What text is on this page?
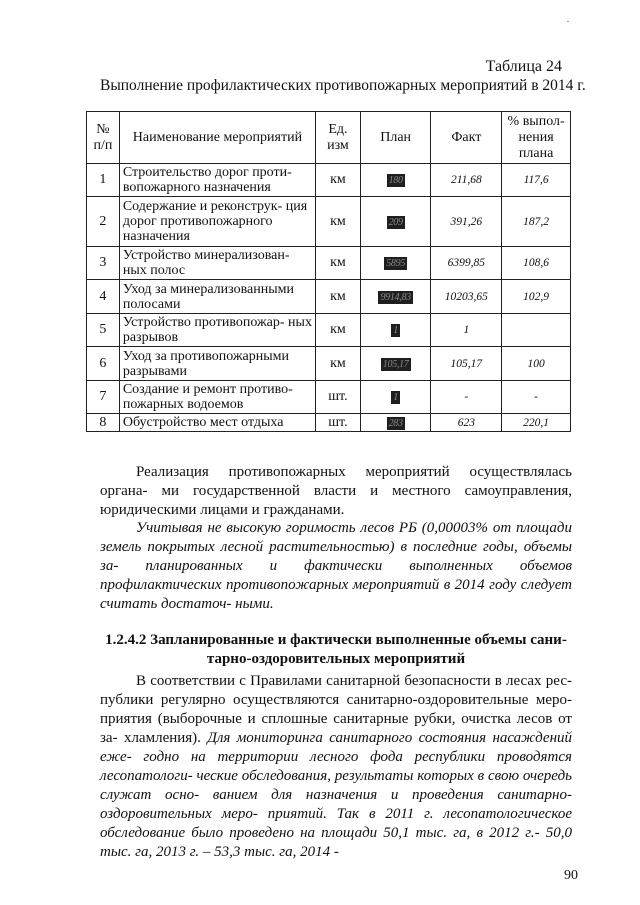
·
Таблица 24
Выполнение профилактических противопожарных мероприятий в 2014 г.
№ п/п	Наименование мероприятий	Ед. изм	План	Факт	% выпол- нения плана
1	Строительство дорог проти- вопожарного назначения	км	180	211,68	117,6
2	Содержание и реконструк- ция дорог противопожарного назначения	км	209	391,26	187,2
3	Устройство минерализован- ных полос	км	5895	6399,85	108,6
4	Уход за минерализованными полосами	км	9914,83	10203,65	102,9
5	Устройство противопожар- ных разрывов	км	1	1	
6	Уход за противопожарными разрывами	км	105,17	105,17	100
7	Создание и ремонт противо- пожарных водоемов	шт.	1	-	-
8	Обустройство мест отдыха	шт.	283	623	220,1

Реализация противопожарных мероприятий осуществлялась органа- ми государственной власти и местного самоуправления, юридическими лицами и гражданами.

Учитывая не высокую горимость лесов РБ (0,00003% от площади земель покрытых лесной растительностью) в последние годы, объемы за- планированных и фактически выполненных объемов профилактических противопожарных мероприятий в 2014 году следует считать достаточ- ными.

1.2.4.2 Запланированные и фактически выполненные объемы сани- тарно-оздоровительных мероприятий

В соответствии с Правилами санитарной безопасности в лесах рес- публики регулярно осуществляются санитарно-оздоровительные меро- приятия (выборочные и сплошные санитарные рубки, очистка лесов от за- хламления). Для мониторинга санитарного состояния насаждений еже- годно на территории лесного фода республики проводятся лесопатологи- ческие обследования, результаты которых в свою очередь служат осно- ванием для назначения и проведения санитарно-оздоровительных меро- приятий. Так в 2011 г. лесопатологическое обследование было проведено на площади 50,1 тыс. га, в 2012 г.- 50,0 тыс. га, 2013 г. – 53,3 тыс. га, 2014 -

90
